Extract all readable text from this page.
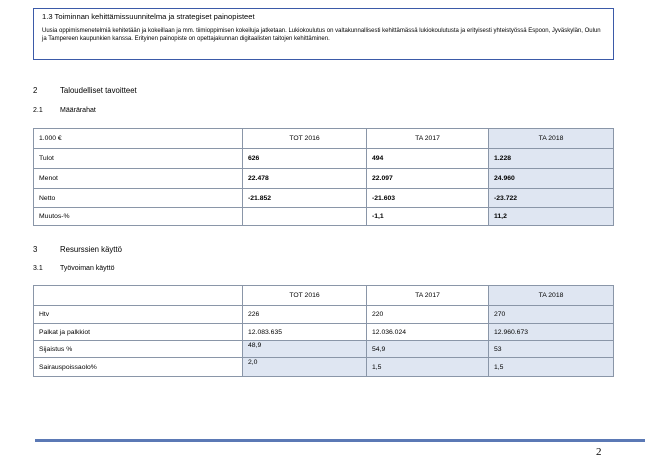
1.3 Toiminnan kehittämissuunnitelma ja strategiset painopisteet
Uusia oppimismenetelmiä kehitetään ja kokeillaan ja mm. tiimioppimisen kokeiluja jatketaan. Lukiokoulutus on valtakunnallisesti kehittämässä lukiokoulutusta ja erityisesti yhteistyössä Espoon, Jyväskylän, Oulun ja Tampereen kaupunkien kanssa. Erityinen painopiste on opettajakunnan digitaalisten taitojen kehittäminen.
2	Taloudelliset tavoitteet
2.1 Määrärahat
1.000 €	TOT 2016	TA 2017	TA 2018
Tulot	626	494	1.228
Menot	22.478	22.097	24.960
Netto	-21.852	-21.603	-23.722
Muutos-%		-1,1	11,2
3	Resurssien käyttö
3.1 Työvoiman käyttö
	TOT 2016	TA 2017	TA 2018
Htv	226	220	270
Palkat ja palkkiot	12.083.635	12.036.024	12.960.673
Sijaistus %	48,9	54,9	53
Sairauspoissaolo%	2,0	1,5	1,5
2
